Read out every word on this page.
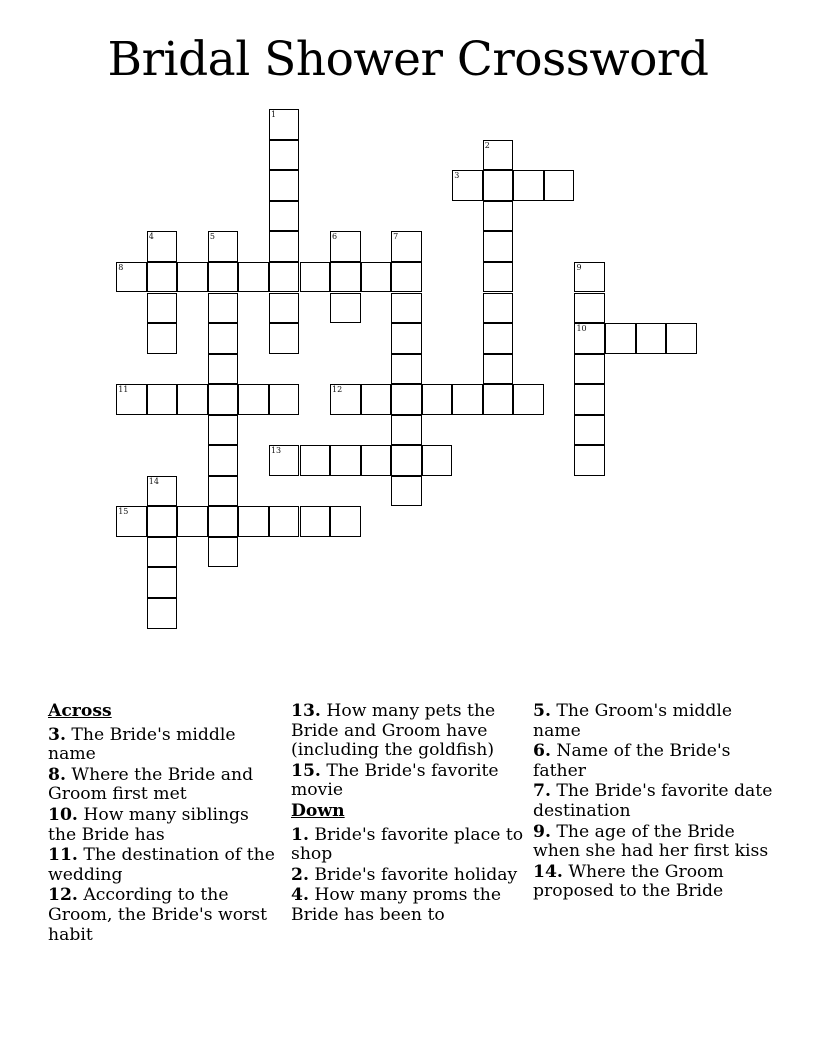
Bridal Shower Crossword
1
2
3
4	5	6	7
8	9
10
11	12
13
14
15
Across
3. The Bride's middle name
8. Where the Bride and Groom first met
10. How many siblings the Bride has
11. The destination of the wedding
12. According to the Groom, the Bride's worst habit
13. How many pets the Bride and Groom have (including the goldfish)
15. The Bride's favorite movie
Down
1. Bride's favorite place to shop
2. Bride's favorite holiday
4. How many proms the Bride has been to
5. The Groom's middle name
6. Name of the Bride's father
7. The Bride's favorite date destination
9. The age of the Bride when she had her first kiss
14. Where the Groom proposed to the Bride
